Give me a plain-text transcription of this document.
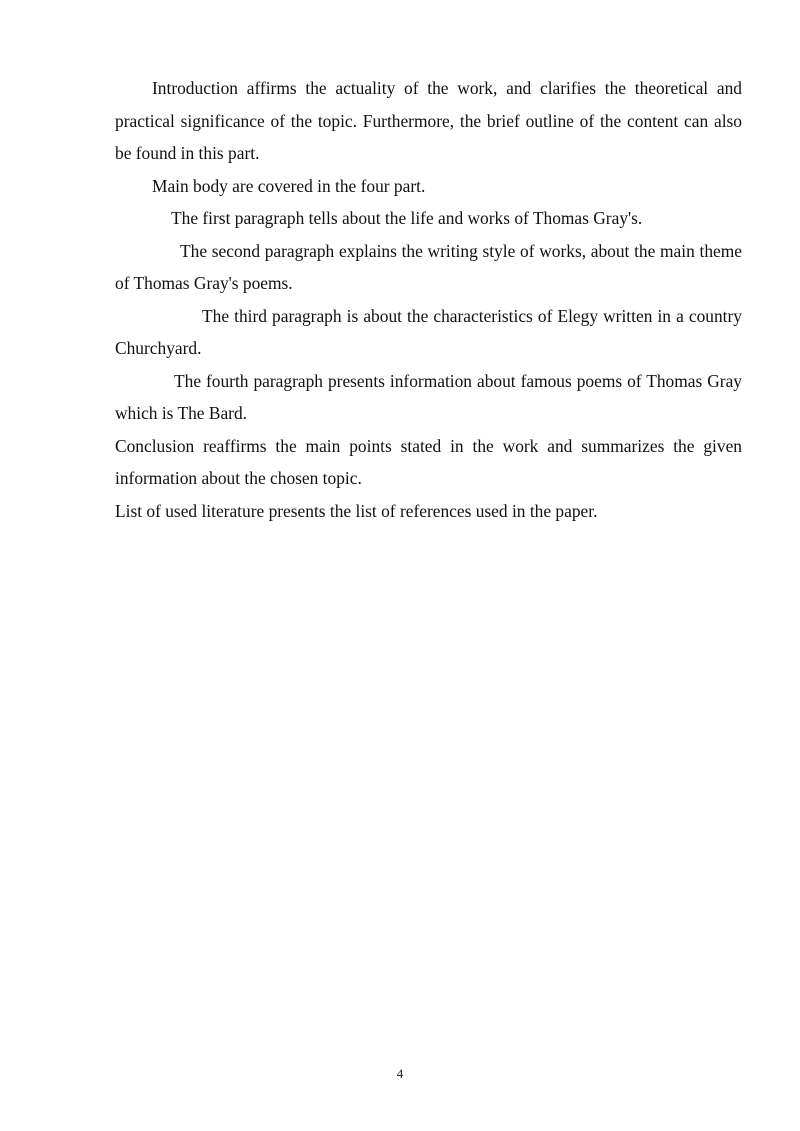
Introduction affirms the actuality of the work, and clarifies the theoretical and practical significance of the topic. Furthermore, the brief outline of the content can also be found in this part.

Main body are covered in the four part.

The first paragraph tells about the life and works of Thomas Gray's.

The second paragraph explains the writing style of works, about the main theme of Thomas Gray's poems.

The third paragraph is about the characteristics of Elegy written in a country Churchyard.

The fourth paragraph presents information about famous poems of Thomas Gray which is The Bard.

Conclusion reaffirms the main points stated in the work and summarizes the given information about the chosen topic.

List of used literature presents the list of references used in the paper.

4
